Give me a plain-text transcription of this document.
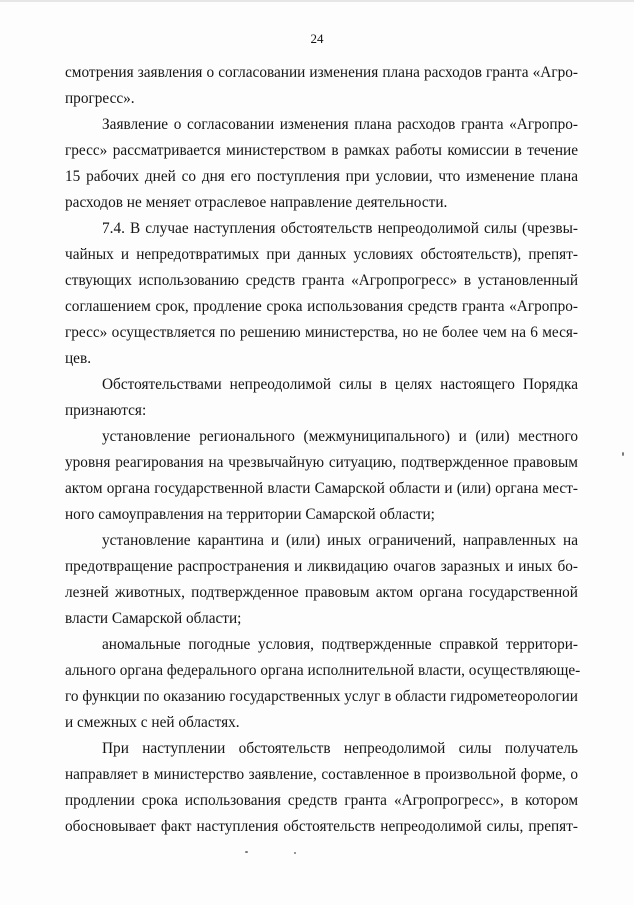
24
смотрения заявления о согласовании изменения плана расходов гранта «Агро-
прогресс».
Заявление о согласовании изменения плана расходов гранта «Агропро-
гресс» рассматривается министерством в рамках работы комиссии в течение
15 рабочих дней со дня его поступления при условии, что изменение плана
расходов не меняет отраслевое направление деятельности.
7.4. В случае наступления обстоятельств непреодолимой силы (чрезвы-
чайных и непредотвратимых при данных условиях обстоятельств), препят-
ствующих использованию средств гранта «Агропрогресс» в установленный
соглашением срок, продление срока использования средств гранта «Агропро-
гресс» осуществляется по решению министерства, но не более чем на 6 меся-
цев.
Обстоятельствами непреодолимой силы в целях настоящего Порядка
признаются:
установление регионального (межмуниципального) и (или) местного
уровня реагирования на чрезвычайную ситуацию, подтвержденное правовым
актом органа государственной власти Самарской области и (или) органа мест-
ного самоуправления на территории Самарской области;
установление карантина и (или) иных ограничений, направленных на
предотвращение распространения и ликвидацию очагов заразных и иных бо-
лезней животных, подтвержденное правовым актом органа государственной
власти Самарской области;
аномальные погодные условия, подтвержденные справкой территори-
ального органа федерального органа исполнительной власти, осуществляюще-
го функции по оказанию государственных услуг в области гидрометеорологии
и смежных с ней областях.
При наступлении обстоятельств непреодолимой силы получатель
направляет в министерство заявление, составленное в произвольной форме, о
продлении срока использования средств гранта «Агропрогресс», в котором
обосновывает факт наступления обстоятельств непреодолимой силы, препят-
